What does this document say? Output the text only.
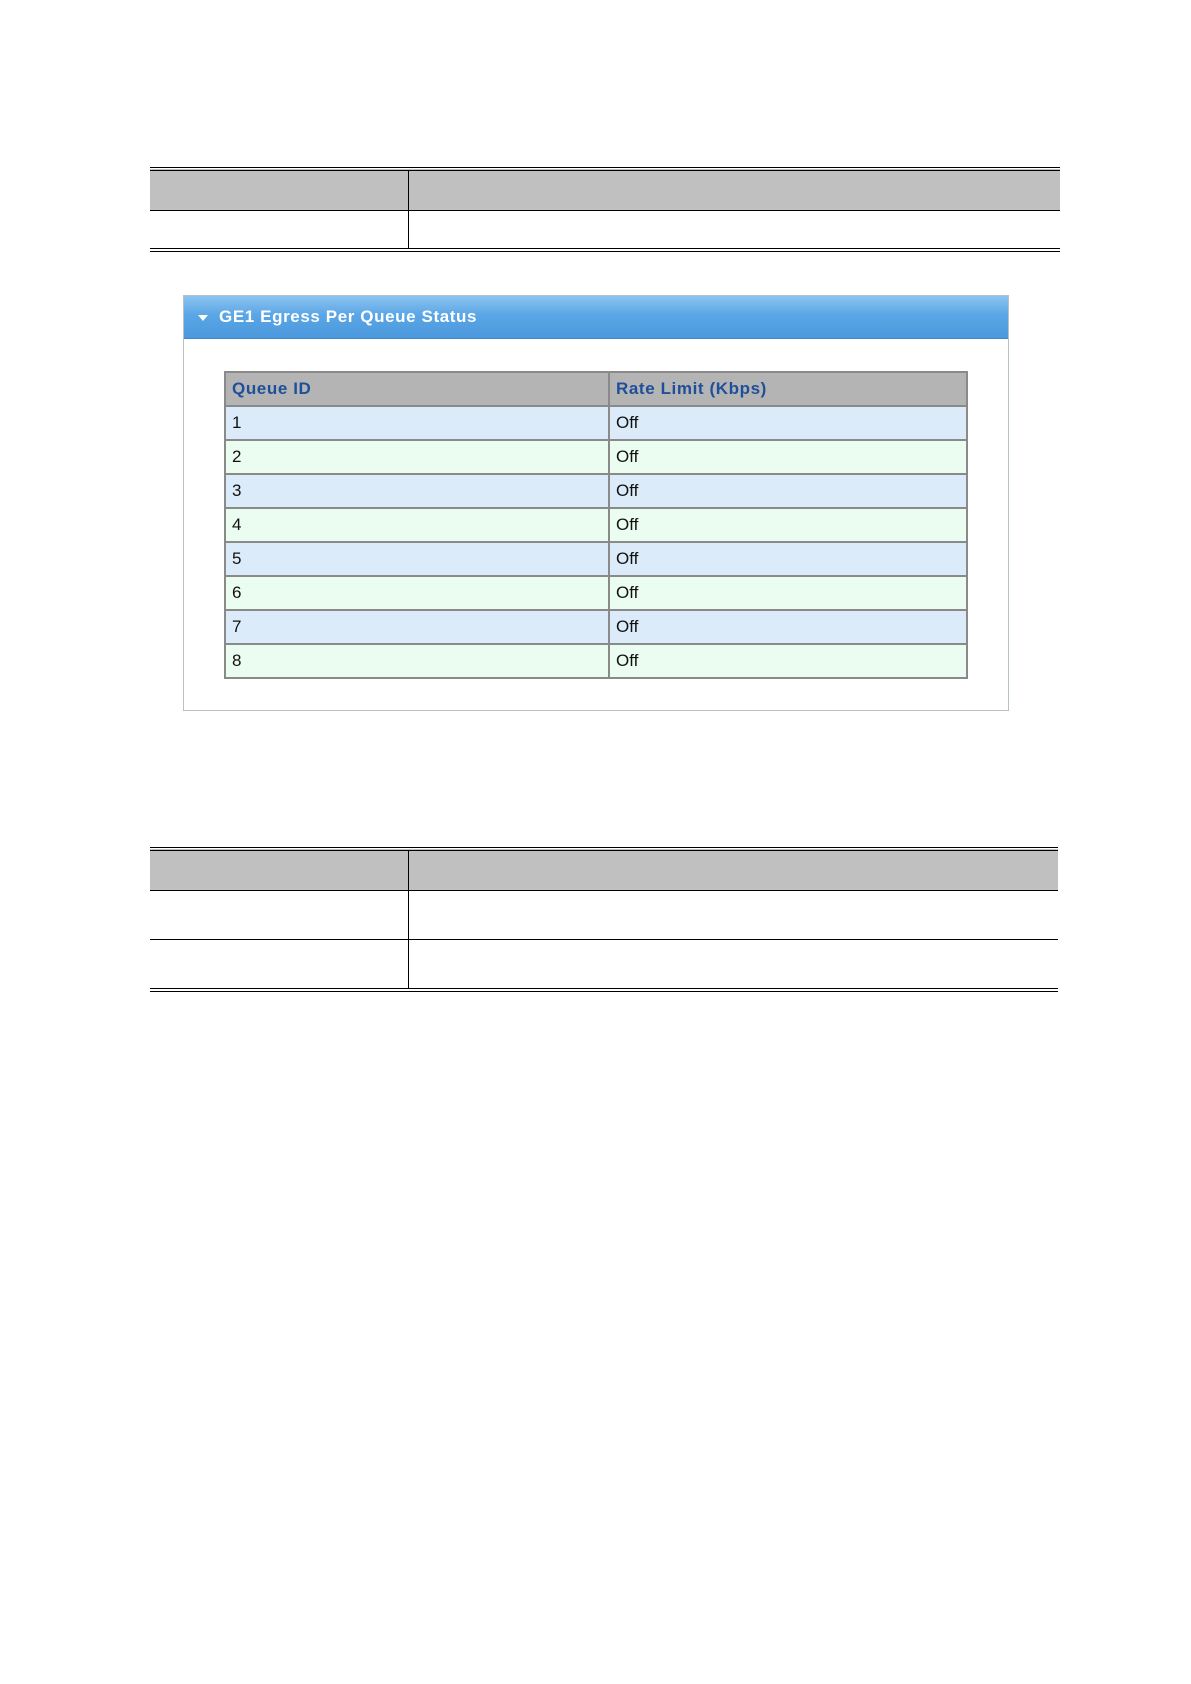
GE1 Egress Per Queue Status
Queue ID	Rate Limit (Kbps)
1	Off
2	Off
3	Off
4	Off
5	Off
6	Off
7	Off
8	Off
